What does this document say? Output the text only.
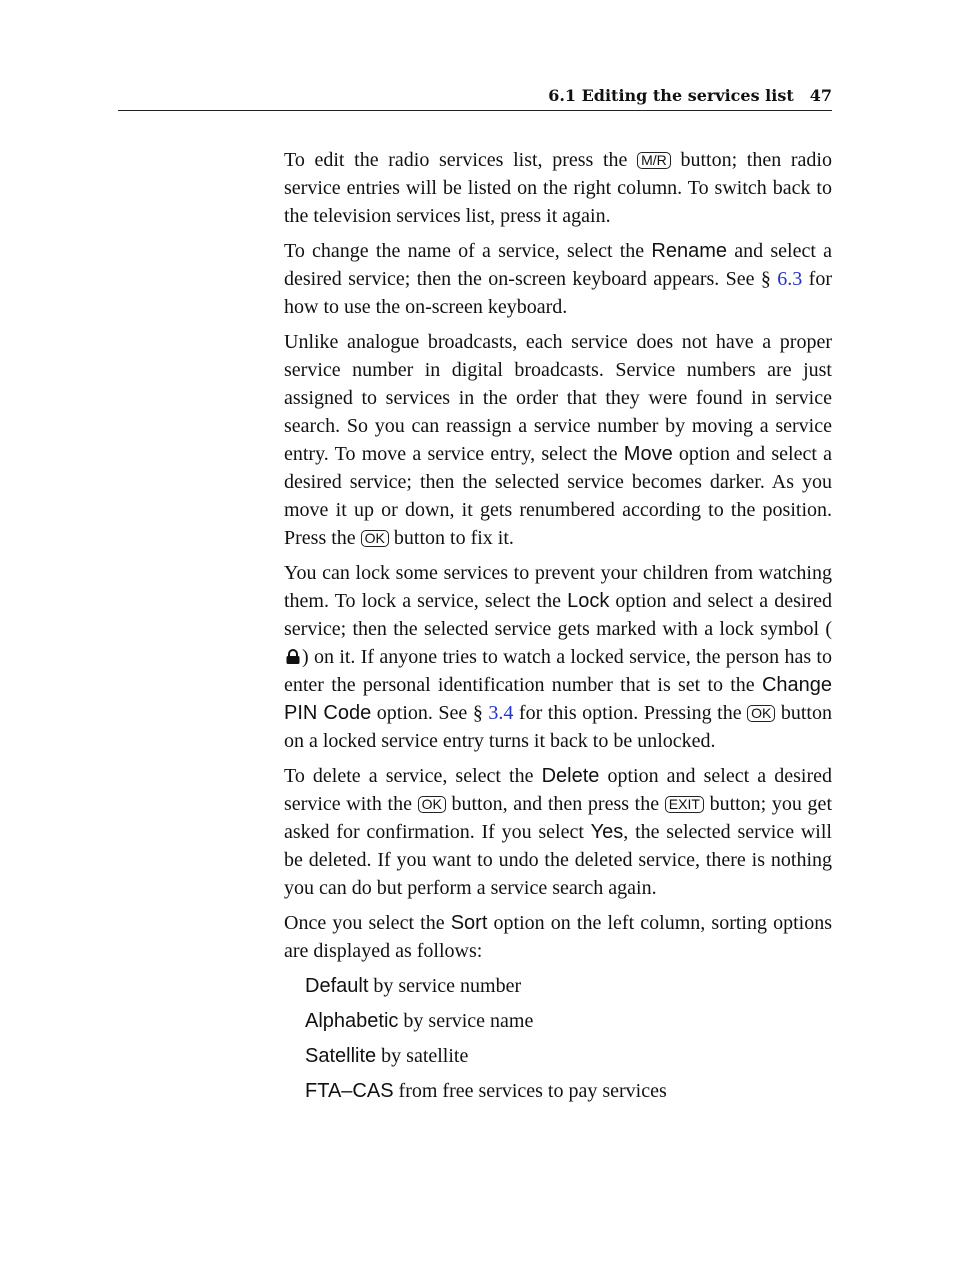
6.1 Editing the services list 47

To edit the radio services list, press the M/R button; then radio service entries will be listed on the right column. To switch back to the television services list, press it again.

To change the name of a service, select the Rename and select a desired service; then the on-screen keyboard appears. See § 6.3 for how to use the on-screen keyboard.

Unlike analogue broadcasts, each service does not have a proper service number in digital broadcasts. Service numbers are just assigned to services in the order that they were found in service search. So you can reassign a service number by moving a service entry. To move a service entry, select the Move option and select a desired service; then the selected service becomes darker. As you move it up or down, it gets renumbered according to the position. Press the OK button to fix it.

You can lock some services to prevent your children from watching them. To lock a service, select the Lock option and select a desired service; then the selected service gets marked with a lock symbol () on it. If anyone tries to watch a locked service, the person has to enter the personal identification number that is set to the Change PIN Code option. See § 3.4 for this option. Pressing the OK button on a locked service entry turns it back to be unlocked.

To delete a service, select the Delete option and select a desired service with the OK button, and then press the EXIT button; you get asked for confirmation. If you select Yes, the selected service will be deleted. If you want to undo the deleted service, there is nothing you can do but perform a service search again.

Once you select the Sort option on the left column, sorting options are displayed as follows:

Default by service number
Alphabetic by service name
Satellite by satellite
FTA–CAS from free services to pay services
